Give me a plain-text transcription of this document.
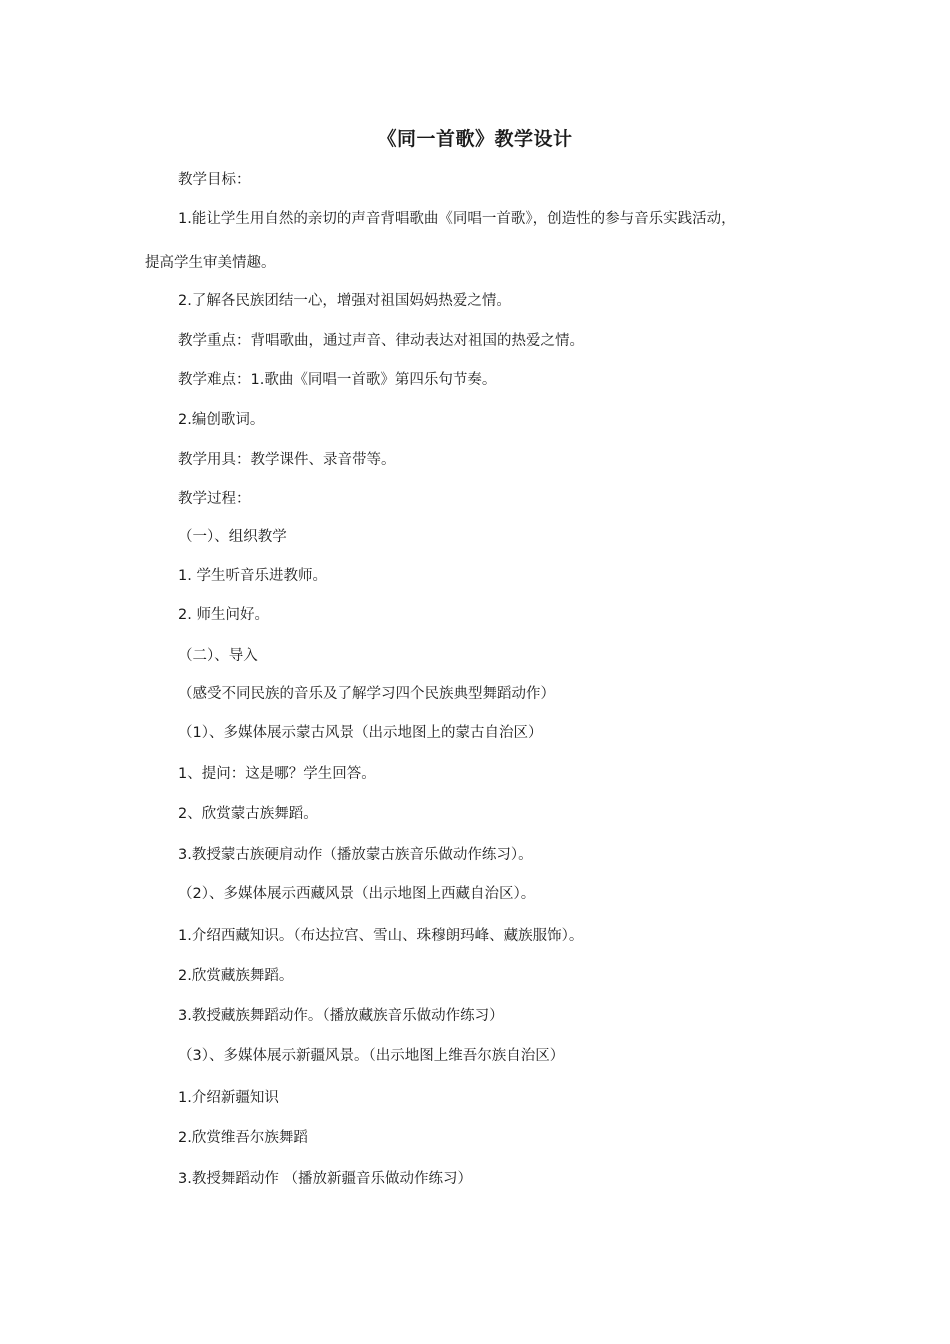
《同一首歌》教学设计
教学目标：
1.能让学生用自然的亲切的声音背唱歌曲《同唱一首歌》，创造性的参与音乐实践活动，
提高学生审美情趣。
2.了解各民族团结一心，增强对祖国妈妈热爱之情。
教学重点：背唱歌曲，通过声音、律动表达对祖国的热爱之情。
教学难点：1.歌曲《同唱一首歌》第四乐句节奏。
2.编创歌词。
教学用具：教学课件、录音带等。
教学过程：
（一）、组织教学
1. 学生听音乐进教师。
2. 师生问好。
（二）、导入
（感受不同民族的音乐及了解学习四个民族典型舞蹈动作）
（1）、多媒体展示蒙古风景（出示地图上的蒙古自治区）
1、提问：这是哪？学生回答。
2、欣赏蒙古族舞蹈。
3.教授蒙古族硬肩动作（播放蒙古族音乐做动作练习）。
（2）、多媒体展示西藏风景（出示地图上西藏自治区）。
1.介绍西藏知识。（布达拉宫、雪山、珠穆朗玛峰、藏族服饰）。
2.欣赏藏族舞蹈。
3.教授藏族舞蹈动作。（播放藏族音乐做动作练习）
（3）、多媒体展示新疆风景。（出示地图上维吾尔族自治区）
1.介绍新疆知识
2.欣赏维吾尔族舞蹈
3.教授舞蹈动作 （播放新疆音乐做动作练习）
